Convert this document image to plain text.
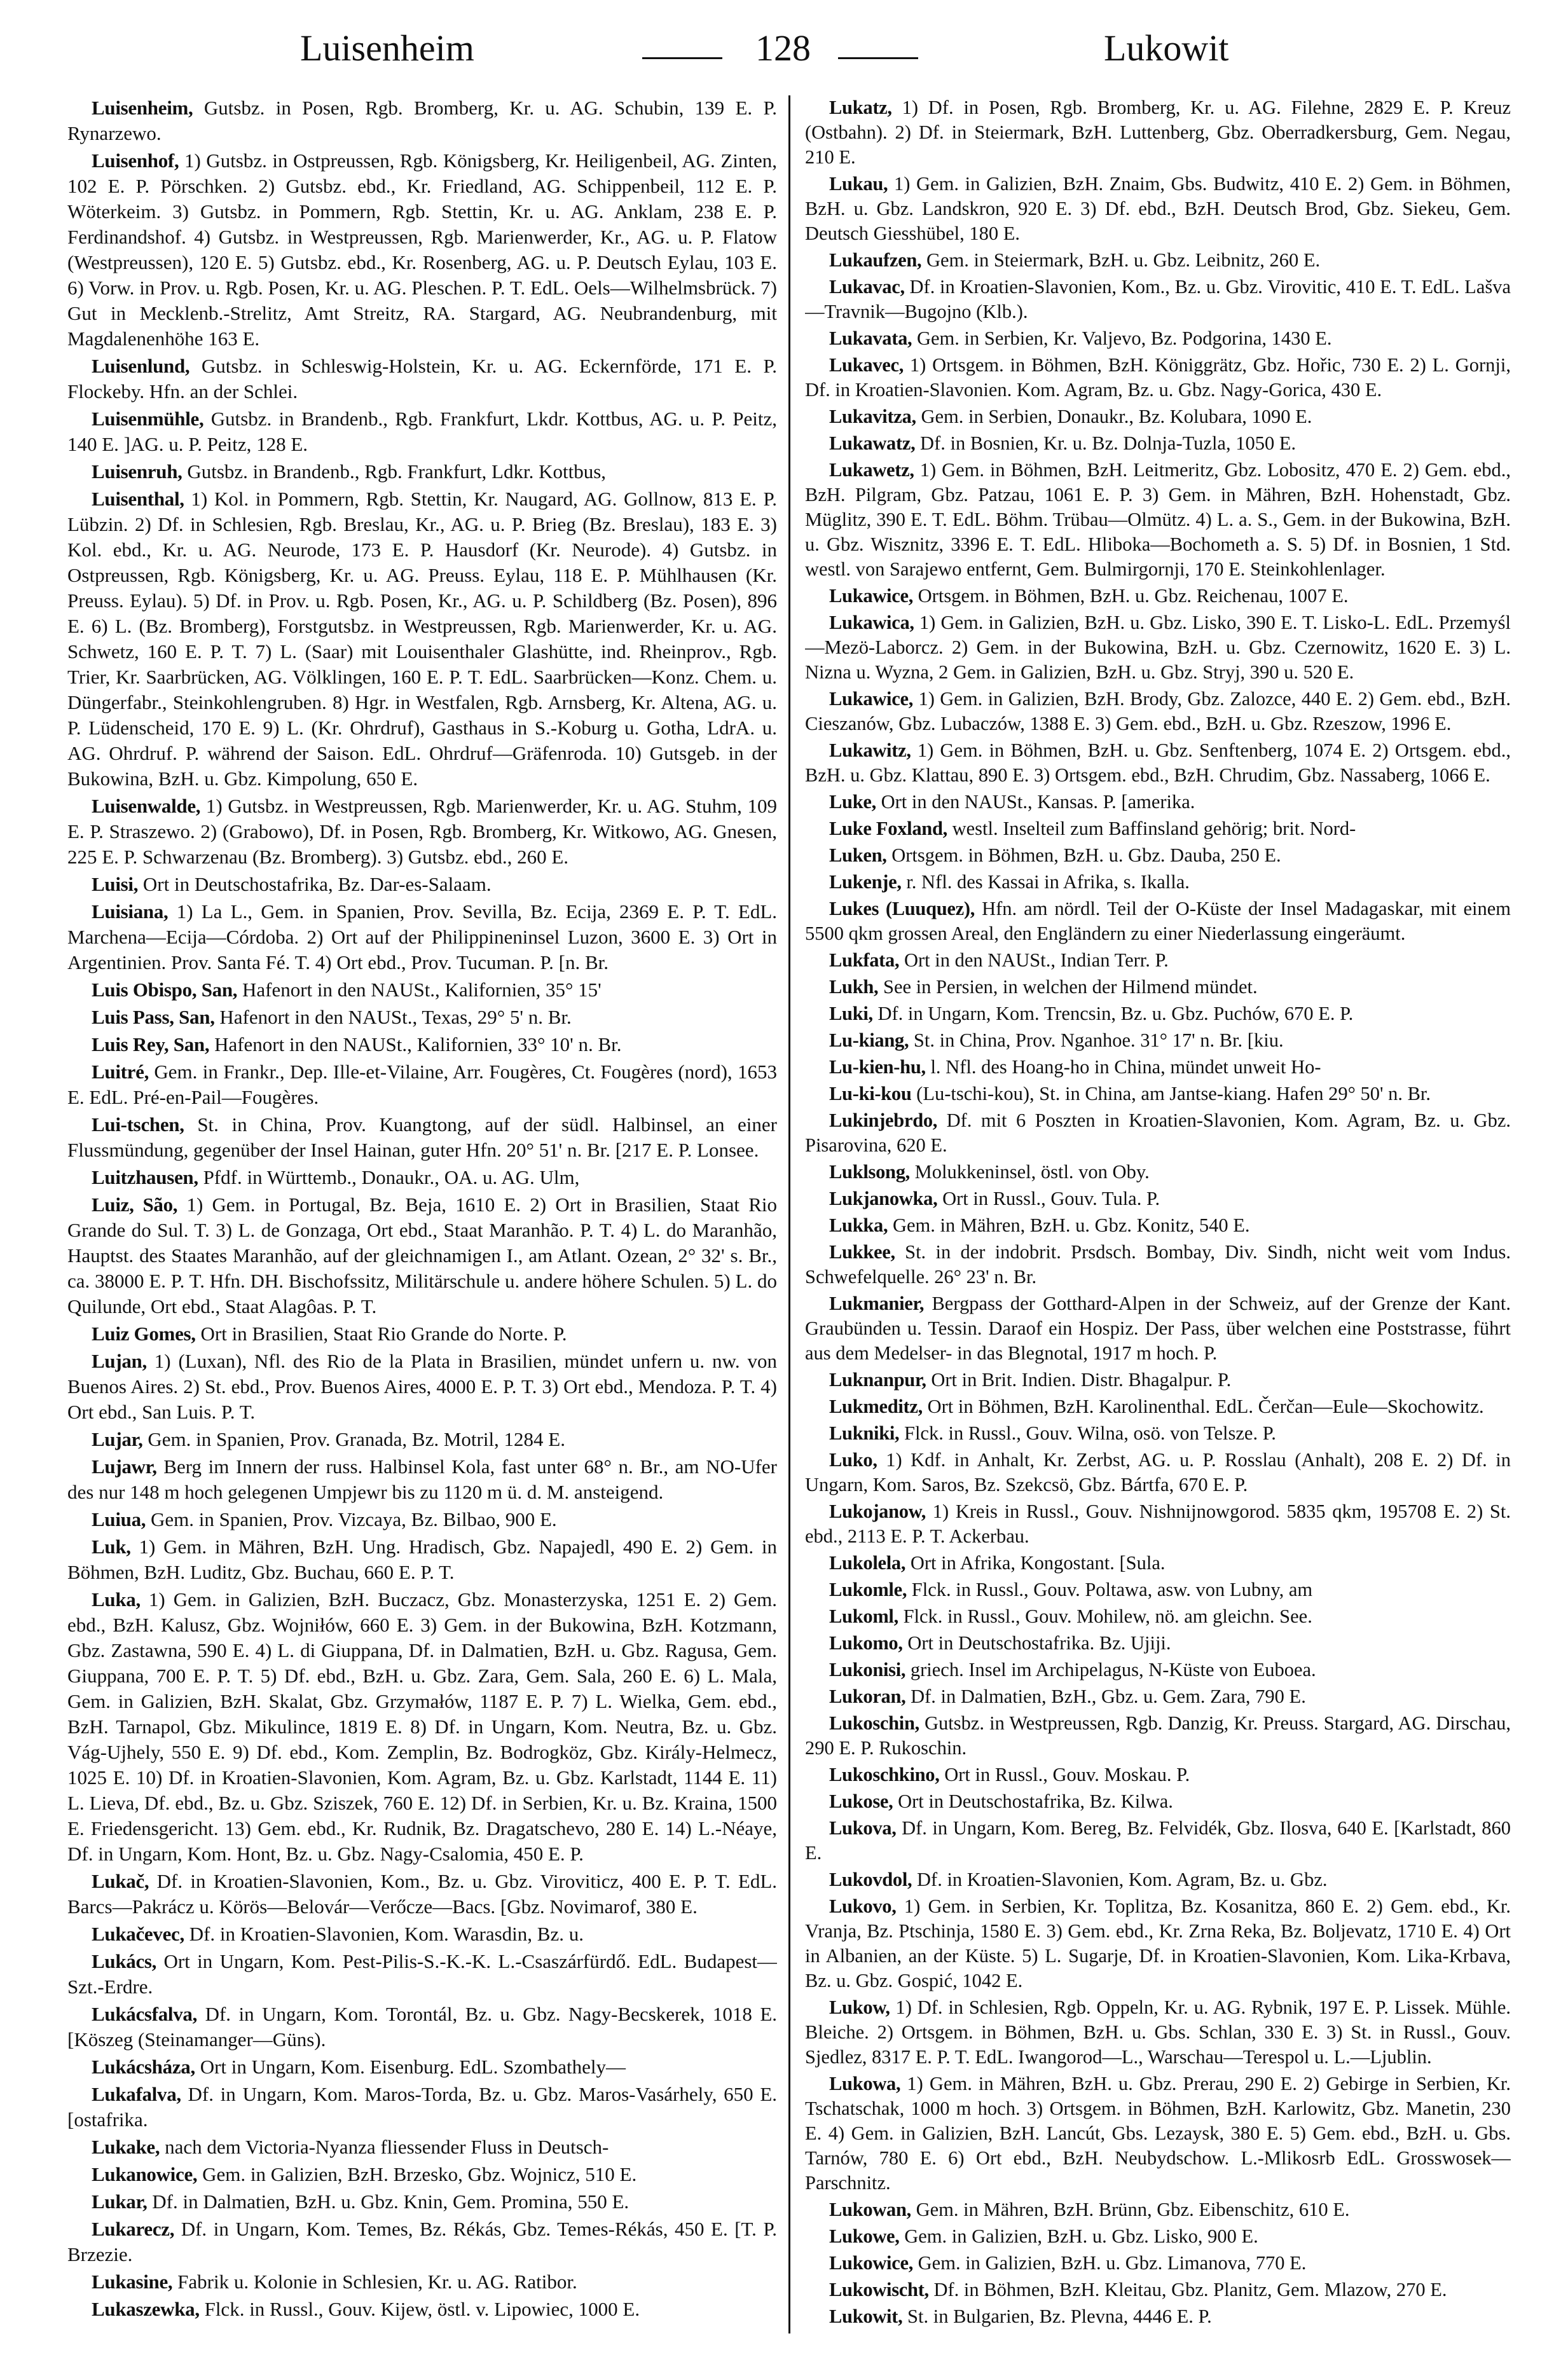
Luisenheim	128	Lukowit

Luisenheim, Gutsbz. in Posen, Rgb. Bromberg, Kr. u. AG. Schubin, 139 E. P. Rynarzewo.

Luisenhof, 1) Gutsbz. in Ostpreussen, Rgb. Königsberg, Kr. Heiligenbeil, AG. Zinten, 102 E. P. Pörschken. 2) Gutsbz. ebd., Kr. Friedland, AG. Schippenbeil, 112 E. P. Wöterkeim. 3) Gutsbz. in Pommern, Rgb. Stettin, Kr. u. AG. Anklam, 238 E. P. Ferdinandshof. 4) Gutsbz. in Westpreussen, Rgb. Marienwerder, Kr., AG. u. P. Flatow (Westpreussen), 120 E. 5) Gutsbz. ebd., Kr. Rosenberg, AG. u. P. Deutsch Eylau, 103 E. 6) Vorw. in Prov. u. Rgb. Posen, Kr. u. AG. Pleschen. P. T. EdL. Oels—Wilhelmsbrück. 7) Gut in Mecklenb.-Strelitz, Amt Streitz, RA. Stargard, AG. Neubrandenburg, mit Magdalenenhöhe 163 E.

Luisenlund, Gutsbz. in Schleswig-Holstein, Kr. u. AG. Eckernförde, 171 E. P. Flockeby. Hfn. an der Schlei.

Luisenmühle, Gutsbz. in Brandenb., Rgb. Frankfurt, Lkdr. Kottbus, AG. u. P. Peitz, 140 E. ]AG. u. P. Peitz, 128 E.

Luisenruh, Gutsbz. in Brandenb., Rgb. Frankfurt, Ldkr. Kottbus,

Luisenthal, 1) Kol. in Pommern, Rgb. Stettin, Kr. Naugard, AG. Gollnow, 813 E. P. Lübzin. 2) Df. in Schlesien, Rgb. Breslau, Kr., AG. u. P. Brieg (Bz. Breslau), 183 E. 3) Kol. ebd., Kr. u. AG. Neurode, 173 E. P. Hausdorf (Kr. Neurode). 4) Gutsbz. in Ostpreussen, Rgb. Königsberg, Kr. u. AG. Preuss. Eylau, 118 E. P. Mühlhausen (Kr. Preuss. Eylau). 5) Df. in Prov. u. Rgb. Posen, Kr., AG. u. P. Schildberg (Bz. Posen), 896 E. 6) L. (Bz. Bromberg), Forstgutsbz. in Westpreussen, Rgb. Marienwerder, Kr. u. AG. Schwetz, 160 E. P. T. 7) L. (Saar) mit Louisenthaler Glashütte, ind. Rheinprov., Rgb. Trier, Kr. Saarbrücken, AG. Völklingen, 160 E. P. T. EdL. Saarbrücken—Konz. Chem. u. Düngerfabr., Steinkohlengruben. 8) Hgr. in Westfalen, Rgb. Arnsberg, Kr. Altena, AG. u. P. Lüdenscheid, 170 E. 9) L. (Kr. Ohrdruf), Gasthaus in S.-Koburg u. Gotha, LdrA. u. AG. Ohrdruf. P. während der Saison. EdL. Ohrdruf—Gräfenroda. 10) Gutsgeb. in der Bukowina, BzH. u. Gbz. Kimpolung, 650 E.

Luisenwalde, 1) Gutsbz. in Westpreussen, Rgb. Marienwerder, Kr. u. AG. Stuhm, 109 E. P. Straszewo. 2) (Grabowo), Df. in Posen, Rgb. Bromberg, Kr. Witkowo, AG. Gnesen, 225 E. P. Schwarzenau (Bz. Bromberg). 3) Gutsbz. ebd., 260 E.

Luisi, Ort in Deutschostafrika, Bz. Dar-es-Salaam.

Luisiana, 1) La L., Gem. in Spanien, Prov. Sevilla, Bz. Ecija, 2369 E. P. T. EdL. Marchena—Ecija—Córdoba. 2) Ort auf der Philippineninsel Luzon, 3600 E. 3) Ort in Argentinien. Prov. Santa Fé. T. 4) Ort ebd., Prov. Tucuman. P. [n. Br.

Luis Obispo, San, Hafenort in den NAUSt., Kalifornien, 35° 15'

Luis Pass, San, Hafenort in den NAUSt., Texas, 29° 5' n. Br.

Luis Rey, San, Hafenort in den NAUSt., Kalifornien, 33° 10' n. Br.

Luitré, Gem. in Frankr., Dep. Ille-et-Vilaine, Arr. Fougères, Ct. Fougères (nord), 1653 E. EdL. Pré-en-Pail—Fougères.

Lui-tschen, St. in China, Prov. Kuangtong, auf der südl. Halbinsel, an einer Flussmündung, gegenüber der Insel Hainan, guter Hfn. 20° 51' n. Br. [217 E. P. Lonsee.

Luitzhausen, Pfdf. in Württemb., Donaukr., OA. u. AG. Ulm,

Luiz, São, 1) Gem. in Portugal, Bz. Beja, 1610 E. 2) Ort in Brasilien, Staat Rio Grande do Sul. T. 3) L. de Gonzaga, Ort ebd., Staat Maranhão. P. T. 4) L. do Maranhão, Hauptst. des Staates Maranhão, auf der gleichnamigen I., am Atlant. Ozean, 2° 32' s. Br., ca. 38000 E. P. T. Hfn. DH. Bischofssitz, Militärschule u. andere höhere Schulen. 5) L. do Quilunde, Ort ebd., Staat Alagôas. P. T.

Luiz Gomes, Ort in Brasilien, Staat Rio Grande do Norte. P.

Lujan, 1) (Luxan), Nfl. des Rio de la Plata in Brasilien, mündet unfern u. nw. von Buenos Aires. 2) St. ebd., Prov. Buenos Aires, 4000 E. P. T. 3) Ort ebd., Mendoza. P. T. 4) Ort ebd., San Luis. P. T.

Lujar, Gem. in Spanien, Prov. Granada, Bz. Motril, 1284 E.

Lujawr, Berg im Innern der russ. Halbinsel Kola, fast unter 68° n. Br., am NO-Ufer des nur 148 m hoch gelegenen Umpjewr bis zu 1120 m ü. d. M. ansteigend.

Luiua, Gem. in Spanien, Prov. Vizcaya, Bz. Bilbao, 900 E.

Luk, 1) Gem. in Mähren, BzH. Ung. Hradisch, Gbz. Napajedl, 490 E. 2) Gem. in Böhmen, BzH. Luditz, Gbz. Buchau, 660 E. P. T.

Luka, 1) Gem. in Galizien, BzH. Buczacz, Gbz. Monasterzyska, 1251 E. 2) Gem. ebd., BzH. Kalusz, Gbz. Wojniłów, 660 E. 3) Gem. in der Bukowina, BzH. Kotzmann, Gbz. Zastawna, 590 E. 4) L. di Giuppana, Df. in Dalmatien, BzH. u. Gbz. Ragusa, Gem. Giuppana, 700 E. P. T. 5) Df. ebd., BzH. u. Gbz. Zara, Gem. Sala, 260 E. 6) L. Mala, Gem. in Galizien, BzH. Skalat, Gbz. Grzymałów, 1187 E. P. 7) L. Wielka, Gem. ebd., BzH. Tarnapol, Gbz. Mikulince, 1819 E. 8) Df. in Ungarn, Kom. Neutra, Bz. u. Gbz. Vág-Ujhely, 550 E. 9) Df. ebd., Kom. Zemplin, Bz. Bodrogköz, Gbz. Király-Helmecz, 1025 E. 10) Df. in Kroatien-Slavonien, Kom. Agram, Bz. u. Gbz. Karlstadt, 1144 E. 11) L. Lieva, Df. ebd., Bz. u. Gbz. Sziszek, 760 E. 12) Df. in Serbien, Kr. u. Bz. Kraina, 1500 E. Friedensgericht. 13) Gem. ebd., Kr. Rudnik, Bz. Dragatschevo, 280 E. 14) L.-Néaye, Df. in Ungarn, Kom. Hont, Bz. u. Gbz. Nagy-Csalomia, 450 E. P.

Lukač, Df. in Kroatien-Slavonien, Kom., Bz. u. Gbz. Viroviticz, 400 E. P. T. EdL. Barcs—Pakrácz u. Körös—Belovár—Verőcze—Bacs. [Gbz. Novimarof, 380 E.

Lukačevec, Df. in Kroatien-Slavonien, Kom. Warasdin, Bz. u.

Lukács, Ort in Ungarn, Kom. Pest-Pilis-S.-K.-K. L.-Csaszárfürdő. EdL. Budapest—Szt.-Erdre.

Lukácsfalva, Df. in Ungarn, Kom. Torontál, Bz. u. Gbz. Nagy-Becskerek, 1018 E. [Köszeg (Steinamanger—Güns).

Lukácsháza, Ort in Ungarn, Kom. Eisenburg. EdL. Szombathely—

Lukafalva, Df. in Ungarn, Kom. Maros-Torda, Bz. u. Gbz. Maros-Vasárhely, 650 E. [ostafrika.

Lukake, nach dem Victoria-Nyanza fliessender Fluss in Deutsch-

Lukanowice, Gem. in Galizien, BzH. Brzesko, Gbz. Wojnicz, 510 E.

Lukar, Df. in Dalmatien, BzH. u. Gbz. Knin, Gem. Promina, 550 E.

Lukarecz, Df. in Ungarn, Kom. Temes, Bz. Rékás, Gbz. Temes-Rékás, 450 E. [T. P. Brzezie.

Lukasine, Fabrik u. Kolonie in Schlesien, Kr. u. AG. Ratibor.

Lukaszewka, Flck. in Russl., Gouv. Kijew, östl. v. Lipowiec, 1000 E.

Lukatz, 1) Df. in Posen, Rgb. Bromberg, Kr. u. AG. Filehne, 2829 E. P. Kreuz (Ostbahn). 2) Df. in Steiermark, BzH. Luttenberg, Gbz. Oberradkersburg, Gem. Negau, 210 E.

Lukau, 1) Gem. in Galizien, BzH. Znaim, Gbs. Budwitz, 410 E. 2) Gem. in Böhmen, BzH. u. Gbz. Landskron, 920 E. 3) Df. ebd., BzH. Deutsch Brod, Gbz. Siekeu, Gem. Deutsch Giesshübel, 180 E.

Lukaufzen, Gem. in Steiermark, BzH. u. Gbz. Leibnitz, 260 E.

Lukavac, Df. in Kroatien-Slavonien, Kom., Bz. u. Gbz. Virovitic, 410 E. T. EdL. Lašva—Travnik—Bugojno (Klb.).

Lukavata, Gem. in Serbien, Kr. Valjevo, Bz. Podgorina, 1430 E.

Lukavec, 1) Ortsgem. in Böhmen, BzH. Königgrätz, Gbz. Hořic, 730 E. 2) L. Gornji, Df. in Kroatien-Slavonien. Kom. Agram, Bz. u. Gbz. Nagy-Gorica, 430 E.

Lukavitza, Gem. in Serbien, Donaukr., Bz. Kolubara, 1090 E.

Lukawatz, Df. in Bosnien, Kr. u. Bz. Dolnja-Tuzla, 1050 E.

Lukawetz, 1) Gem. in Böhmen, BzH. Leitmeritz, Gbz. Lobositz, 470 E. 2) Gem. ebd., BzH. Pilgram, Gbz. Patzau, 1061 E. P. 3) Gem. in Mähren, BzH. Hohenstadt, Gbz. Müglitz, 390 E. T. EdL. Böhm. Trübau—Olmütz. 4) L. a. S., Gem. in der Bukowina, BzH. u. Gbz. Wisznitz, 3396 E. T. EdL. Hliboka—Bochometh a. S. 5) Df. in Bosnien, 1 Std. westl. von Sarajewo entfernt, Gem. Bulmirgornji, 170 E. Steinkohlenlager.

Lukawice, Ortsgem. in Böhmen, BzH. u. Gbz. Reichenau, 1007 E.

Lukawica, 1) Gem. in Galizien, BzH. u. Gbz. Lisko, 390 E. T. Lisko-L. EdL. Przemyśl—Mezö-Laborcz. 2) Gem. in der Bukowina, BzH. u. Gbz. Czernowitz, 1620 E. 3) L. Nizna u. Wyzna, 2 Gem. in Galizien, BzH. u. Gbz. Stryj, 390 u. 520 E.

Lukawice, 1) Gem. in Galizien, BzH. Brody, Gbz. Zalozce, 440 E. 2) Gem. ebd., BzH. Cieszanów, Gbz. Lubaczów, 1388 E. 3) Gem. ebd., BzH. u. Gbz. Rzeszow, 1996 E.

Lukawitz, 1) Gem. in Böhmen, BzH. u. Gbz. Senftenberg, 1074 E. 2) Ortsgem. ebd., BzH. u. Gbz. Klattau, 890 E. 3) Ortsgem. ebd., BzH. Chrudim, Gbz. Nassaberg, 1066 E.

Luke, Ort in den NAUSt., Kansas. P. [amerika.

Luke Foxland, westl. Inselteil zum Baffinsland gehörig; brit. Nord-

Luken, Ortsgem. in Böhmen, BzH. u. Gbz. Dauba, 250 E.

Lukenje, r. Nfl. des Kassai in Afrika, s. Ikalla.

Lukes (Luuquez), Hfn. am nördl. Teil der O-Küste der Insel Madagaskar, mit einem 5500 qkm grossen Areal, den Engländern zu einer Niederlassung eingeräumt.

Lukfata, Ort in den NAUSt., Indian Terr. P.

Lukh, See in Persien, in welchen der Hilmend mündet.

Luki, Df. in Ungarn, Kom. Trencsin, Bz. u. Gbz. Puchów, 670 E. P.

Lu-kiang, St. in China, Prov. Nganhoe. 31° 17' n. Br. [kiu.

Lu-kien-hu, l. Nfl. des Hoang-ho in China, mündet unweit Ho-

Lu-ki-kou (Lu-tschi-kou), St. in China, am Jantse-kiang. Hafen 29° 50' n. Br.

Lukinjebrdo, Df. mit 6 Poszten in Kroatien-Slavonien, Kom. Agram, Bz. u. Gbz. Pisarovina, 620 E.

Luklsong, Molukkeninsel, östl. von Oby.

Lukjanowka, Ort in Russl., Gouv. Tula. P.

Lukka, Gem. in Mähren, BzH. u. Gbz. Konitz, 540 E.

Lukkee, St. in der indobrit. Prsdsch. Bombay, Div. Sindh, nicht weit vom Indus. Schwefelquelle. 26° 23' n. Br.

Lukmanier, Bergpass der Gotthard-Alpen in der Schweiz, auf der Grenze der Kant. Graubünden u. Tessin. Daraof ein Hospiz. Der Pass, über welchen eine Poststrasse, führt aus dem Medelser- in das Blegnotal, 1917 m hoch. P.

Luknanpur, Ort in Brit. Indien. Distr. Bhagalpur. P.

Lukmeditz, Ort in Böhmen, BzH. Karolinenthal. EdL. Čerčan—Eule—Skochowitz.

Lukniki, Flck. in Russl., Gouv. Wilna, osö. von Telsze. P.

Luko, 1) Kdf. in Anhalt, Kr. Zerbst, AG. u. P. Rosslau (Anhalt), 208 E. 2) Df. in Ungarn, Kom. Saros, Bz. Szekcsö, Gbz. Bártfa, 670 E. P.

Lukojanow, 1) Kreis in Russl., Gouv. Nishnijnowgorod. 5835 qkm, 195708 E. 2) St. ebd., 2113 E. P. T. Ackerbau.

Lukolela, Ort in Afrika, Kongostant. [Sula.

Lukomle, Flck. in Russl., Gouv. Poltawa, asw. von Lubny, am

Lukoml, Flck. in Russl., Gouv. Mohilew, nö. am gleichn. See.

Lukomo, Ort in Deutschostafrika. Bz. Ujiji.

Lukonisi, griech. Insel im Archipelagus, N-Küste von Euboea.

Lukoran, Df. in Dalmatien, BzH., Gbz. u. Gem. Zara, 790 E.

Lukoschin, Gutsbz. in Westpreussen, Rgb. Danzig, Kr. Preuss. Stargard, AG. Dirschau, 290 E. P. Rukoschin.

Lukoschkino, Ort in Russl., Gouv. Moskau. P.

Lukose, Ort in Deutschostafrika, Bz. Kilwa.

Lukova, Df. in Ungarn, Kom. Bereg, Bz. Felvidék, Gbz. Ilosva, 640 E. [Karlstadt, 860 E.

Lukovdol, Df. in Kroatien-Slavonien, Kom. Agram, Bz. u. Gbz.

Lukovo, 1) Gem. in Serbien, Kr. Toplitza, Bz. Kosanitza, 860 E. 2) Gem. ebd., Kr. Vranja, Bz. Ptschinja, 1580 E. 3) Gem. ebd., Kr. Zrna Reka, Bz. Boljevatz, 1710 E. 4) Ort in Albanien, an der Küste. 5) L. Sugarje, Df. in Kroatien-Slavonien, Kom. Lika-Krbava, Bz. u. Gbz. Gospić, 1042 E.

Lukow, 1) Df. in Schlesien, Rgb. Oppeln, Kr. u. AG. Rybnik, 197 E. P. Lissek. Mühle. Bleiche. 2) Ortsgem. in Böhmen, BzH. u. Gbs. Schlan, 330 E. 3) St. in Russl., Gouv. Sjedlez, 8317 E. P. T. EdL. Iwangorod—L., Warschau—Terespol u. L.—Ljublin.

Lukowa, 1) Gem. in Mähren, BzH. u. Gbz. Prerau, 290 E. 2) Gebirge in Serbien, Kr. Tschatschak, 1000 m hoch. 3) Ortsgem. in Böhmen, BzH. Karlowitz, Gbz. Manetin, 230 E. 4) Gem. in Galizien, BzH. Lancút, Gbs. Lezaysk, 380 E. 5) Gem. ebd., BzH. u. Gbs. Tarnów, 780 E. 6) Ort ebd., BzH. Neubydschow. L.-Mlikosrb EdL. Grosswosek—Parschnitz.

Lukowan, Gem. in Mähren, BzH. Brünn, Gbz. Eibenschitz, 610 E.

Lukowe, Gem. in Galizien, BzH. u. Gbz. Lisko, 900 E.

Lukowice, Gem. in Galizien, BzH. u. Gbz. Limanova, 770 E.

Lukowischt, Df. in Böhmen, BzH. Kleitau, Gbz. Planitz, Gem. Mlazow, 270 E.

Lukowit, St. in Bulgarien, Bz. Plevna, 4446 E. P.
